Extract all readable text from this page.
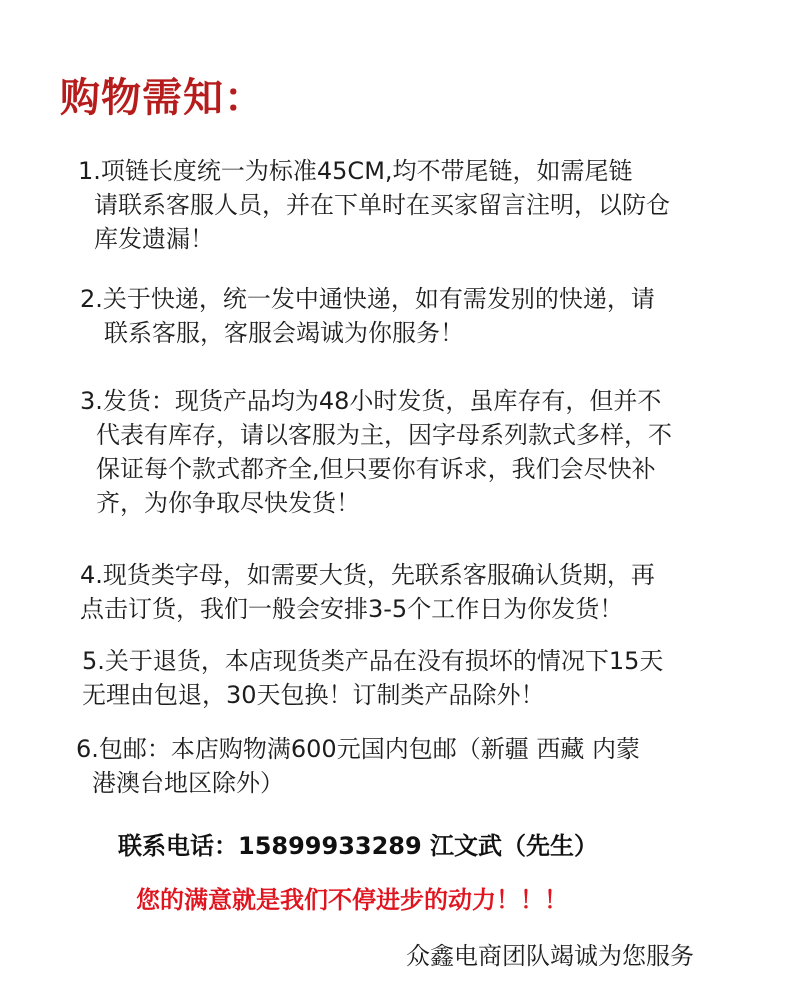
购物需知：

1.项链长度统一为标准45CM,均不带尾链，如需尾链
请联系客服人员，并在下单时在买家留言注明，以防仓
库发遗漏！

2.关于快递，统一发中通快递，如有需发别的快递，请
联系客服，客服会竭诚为你服务！

3.发货：现货产品均为48小时发货，虽库存有，但并不
代表有库存，请以客服为主，因字母系列款式多样，不
保证每个款式都齐全,但只要你有诉求，我们会尽快补
齐，为你争取尽快发货！

4.现货类字母，如需要大货，先联系客服确认货期，再
点击订货，我们一般会安排3-5个工作日为你发货！

5.关于退货，本店现货类产品在没有损坏的情况下15天
无理由包退，30天包换！订制类产品除外！

6.包邮：本店购物满600元国内包邮（新疆 西藏 内蒙
港澳台地区除外）

联系电话：15899933289 江文武（先生）

您的满意就是我们不停进步的动力！！！

众鑫电商团队竭诚为您服务
